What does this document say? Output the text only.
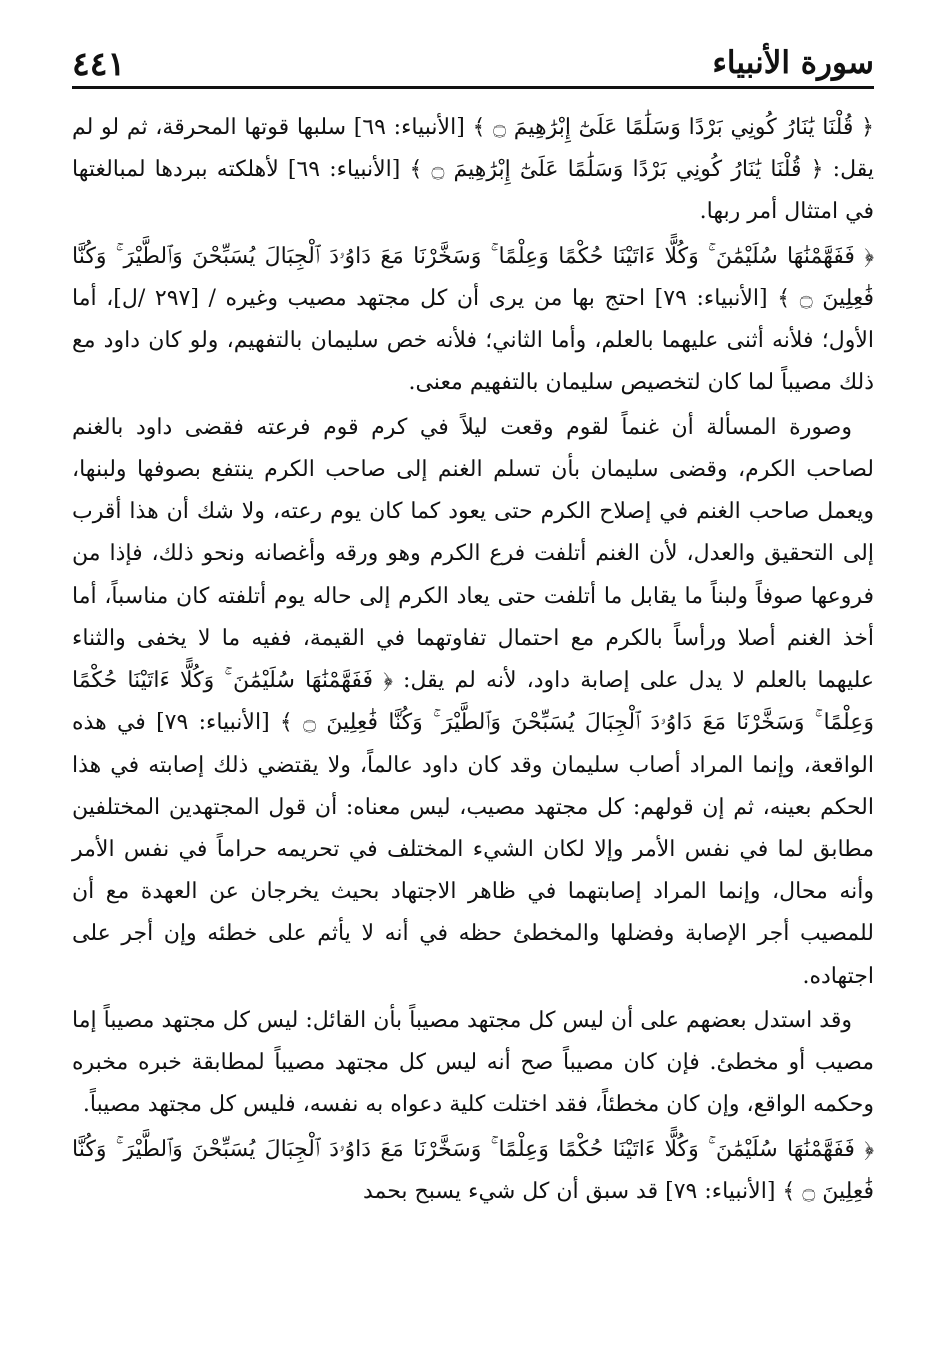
سورة الأنبياء
٤٤١

﴿ قُلْنَا يَٰنَارُ كُونِي بَرْدًا وَسَلَٰمًا عَلَىٰٓ إِبْرَٰهِيمَ ۝ ﴾ [الأنبياء: ٦٩] سلبها قوتها المحرقة، ثم لو لم يقل: ﴿ قُلْنَا يَٰنَارُ كُونِي بَرْدًا وَسَلَٰمًا عَلَىٰٓ إِبْرَٰهِيمَ ۝ ﴾ [الأنبياء: ٦٩] لأهلكته ببردها لمبالغتها في امتثال أمر ربها.

﴿ فَفَهَّمْنَٰهَا سُلَيْمَٰنَ ۚ وَكُلًّا ءَاتَيْنَا حُكْمًا وَعِلْمًا ۚ وَسَخَّرْنَا مَعَ دَاوُۥدَ ٱلْجِبَالَ يُسَبِّحْنَ وَٱلطَّيْرَ ۚ وَكُنَّا فَٰعِلِينَ ۝ ﴾ [الأنبياء: ٧٩] احتج بها من يرى أن كل مجتهد مصيب وغيره / [٢٩٧ /ل]، أما الأول؛ فلأنه أثنى عليهما بالعلم، وأما الثاني؛ فلأنه خص سليمان بالتفهيم، ولو كان داود مع ذلك مصيباً لما كان لتخصيص سليمان بالتفهيم معنى.

وصورة المسألة أن غنماً لقوم وقعت ليلاً في كرم قوم فرعته فقضى داود بالغنم لصاحب الكرم، وقضى سليمان بأن تسلم الغنم إلى صاحب الكرم ينتفع بصوفها ولبنها، ويعمل صاحب الغنم في إصلاح الكرم حتى يعود كما كان يوم رعته، ولا شك أن هذا أقرب إلى التحقيق والعدل، لأن الغنم أتلفت فرع الكرم وهو ورقه وأغصانه ونحو ذلك، فإذا من فروعها صوفاً ولبناً ما يقابل ما أتلفت حتى يعاد الكرم إلى حاله يوم أتلفته كان مناسباً، أما أخذ الغنم أصلا ورأساً بالكرم مع احتمال تفاوتهما في القيمة، ففيه ما لا يخفى والثناء عليهما بالعلم لا يدل على إصابة داود، لأنه لم يقل: ﴿ فَفَهَّمْنَٰهَا سُلَيْمَٰنَ ۚ وَكُلًّا ءَاتَيْنَا حُكْمًا وَعِلْمًا ۚ وَسَخَّرْنَا مَعَ دَاوُۥدَ ٱلْجِبَالَ يُسَبِّحْنَ وَٱلطَّيْرَ ۚ وَكُنَّا فَٰعِلِينَ ۝ ﴾ [الأنبياء: ٧٩] في هذه الواقعة، وإنما المراد أصاب سليمان وقد كان داود عالماً، ولا يقتضي ذلك إصابته في هذا الحكم بعينه، ثم إن قولهم: كل مجتهد مصيب، ليس معناه: أن قول المجتهدين المختلفين مطابق لما في نفس الأمر وإلا لكان الشيء المختلف في تحريمه حراماً في نفس الأمر وأنه محال، وإنما المراد إصابتهما في ظاهر الاجتهاد بحيث يخرجان عن العهدة مع أن للمصيب أجر الإصابة وفضلها والمخطئ حظه في أنه لا يأثم على خطئه وإن أجر على اجتهاده.

وقد استدل بعضهم على أن ليس كل مجتهد مصيباً بأن القائل: ليس كل مجتهد مصيباً إما مصيب أو مخطئ. فإن كان مصيباً صح أنه ليس كل مجتهد مصيباً لمطابقة خبره مخبره وحكمه الواقع، وإن كان مخطئاً، فقد اختلت كلية دعواه به نفسه، فليس كل مجتهد مصيباً.

﴿ فَفَهَّمْنَٰهَا سُلَيْمَٰنَ ۚ وَكُلًّا ءَاتَيْنَا حُكْمًا وَعِلْمًا ۚ وَسَخَّرْنَا مَعَ دَاوُۥدَ ٱلْجِبَالَ يُسَبِّحْنَ وَٱلطَّيْرَ ۚ وَكُنَّا فَٰعِلِينَ ۝ ﴾ [الأنبياء: ٧٩] قد سبق أن كل شيء يسبح بحمد
